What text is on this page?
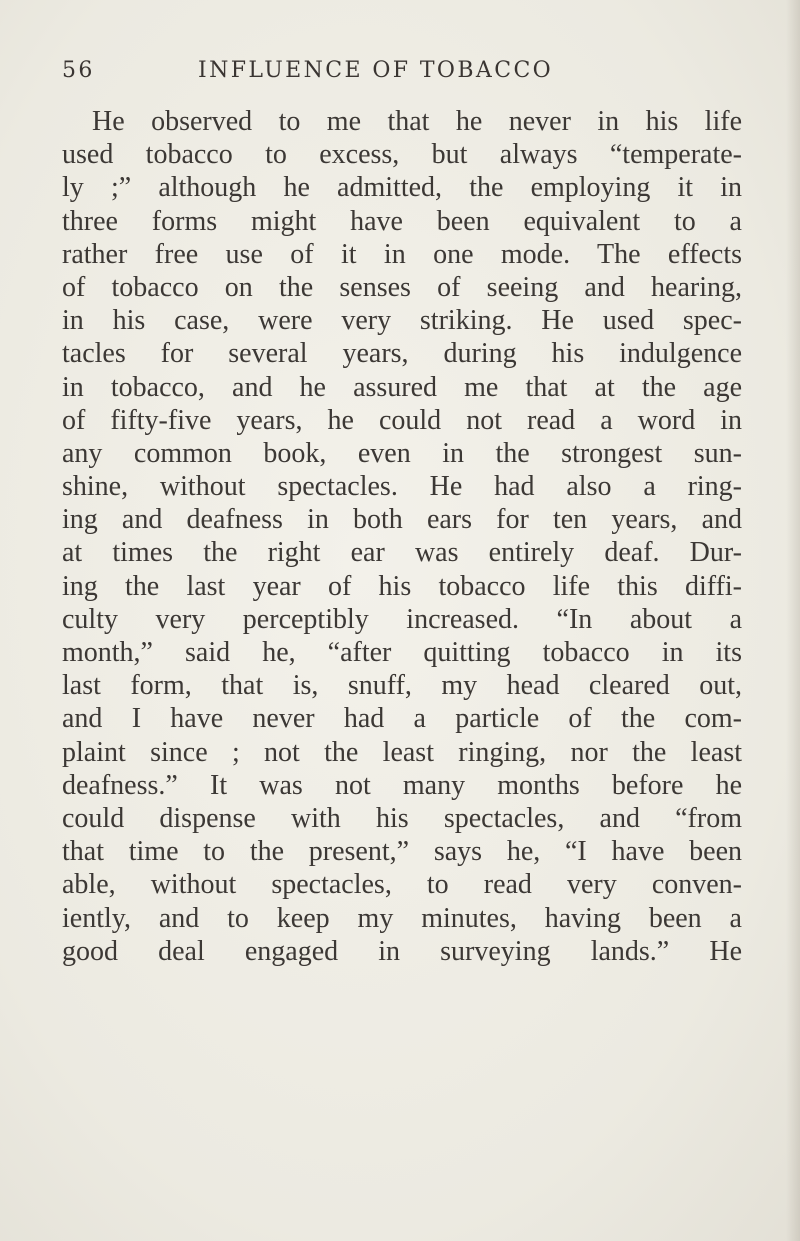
56	INFLUENCE OF TOBACCO
He observed to me that he never in his life
used tobacco to excess, but always “temperate-
ly ;” although he admitted, the employing it in
three forms might have been equivalent to a
rather free use of it in one mode. The effects
of tobacco on the senses of seeing and hearing,
in his case, were very striking. He used spec-
tacles for several years, during his indulgence
in tobacco, and he assured me that at the age
of fifty-five years, he could not read a word in
any common book, even in the strongest sun-
shine, without spectacles. He had also a ring-
ing and deafness in both ears for ten years, and
at times the right ear was entirely deaf. Dur-
ing the last year of his tobacco life this diffi-
culty very perceptibly increased. “In about a
month,” said he, “after quitting tobacco in its
last form, that is, snuff, my head cleared out,
and I have never had a particle of the com-
plaint since ; not the least ringing, nor the least
deafness.” It was not many months before he
could dispense with his spectacles, and “from
that time to the present,” says he, “I have been
able, without spectacles, to read very conven-
iently, and to keep my minutes, having been a
good deal engaged in surveying lands.” He
